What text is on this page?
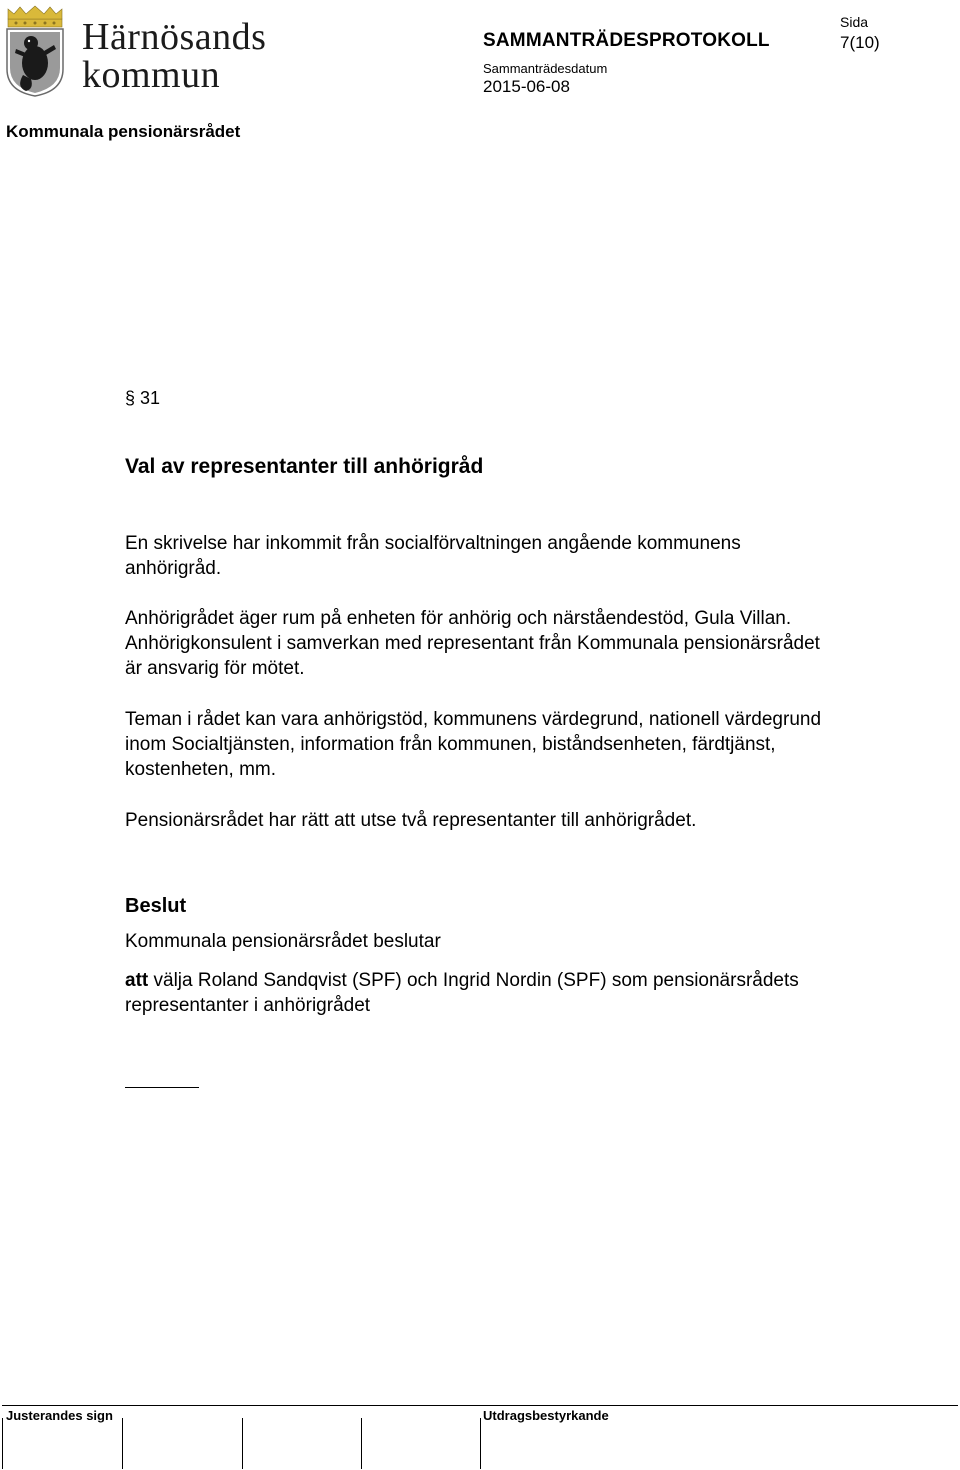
Härnösands
kommun
SAMMANTRÄDESPROTOKOLL
Sida
7(10)
Sammanträdesdatum
2015-06-08
Kommunala pensionärsrådet
§ 31
Val av representanter till anhörigråd
En skrivelse har inkommit från socialförvaltningen angående kommunens anhörigråd.
Anhörigrådet äger rum på enheten för anhörig och närståendestöd, Gula Villan. Anhörigkonsulent i samverkan med representant från Kommunala pensionärsrådet är ansvarig för mötet.
Teman i rådet kan vara anhörigstöd, kommunens värdegrund, nationell värdegrund inom Socialtjänsten, information från kommunen, biståndsenheten, färdtjänst, kostenheten, mm.
Pensionärsrådet har rätt att utse två representanter till anhörigrådet.
Beslut
Kommunala pensionärsrådet beslutar
att välja Roland Sandqvist (SPF) och Ingrid Nordin (SPF) som pensionärsrådets representanter i anhörigrådet
Justerandes sign	Utdragsbestyrkande
